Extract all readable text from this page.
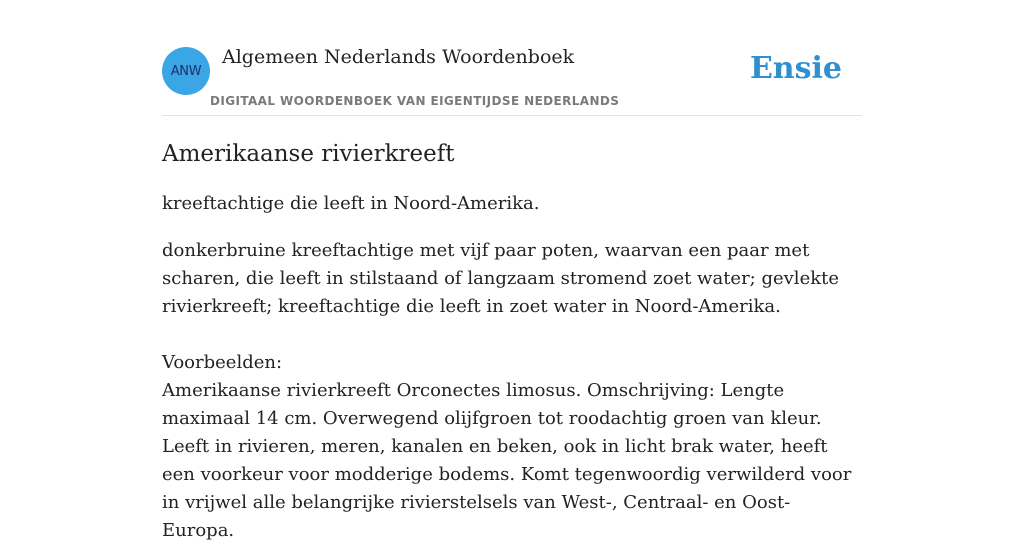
ANW
Algemeen Nederlands Woordenboek
DIGITAAL WOORDENBOEK VAN EIGENTIJDSE NEDERLANDS
Ensie
Amerikaanse rivierkreeft

kreeftachtige die leeft in Noord-Amerika.

donkerbruine kreeftachtige met vijf paar poten, waarvan een paar met scharen, die leeft in stilstaand of langzaam stromend zoet water; gevlekte rivierkreeft; kreeftachtige die leeft in zoet water in Noord-Amerika.

Voorbeelden:

Amerikaanse rivierkreeft Orconectes limosus. Omschrijving: Lengte maximaal 14 cm. Overwegend olijfgroen tot roodachtig groen van kleur. Leeft in rivieren, meren, kanalen en beken, ook in licht brak water, heeft een voorkeur voor modderige bodems. Komt tegenwoordig verwilderd voor in vrijwel alle belangrijke rivierstelsels van West-, Centraal- en Oost-Europa.
